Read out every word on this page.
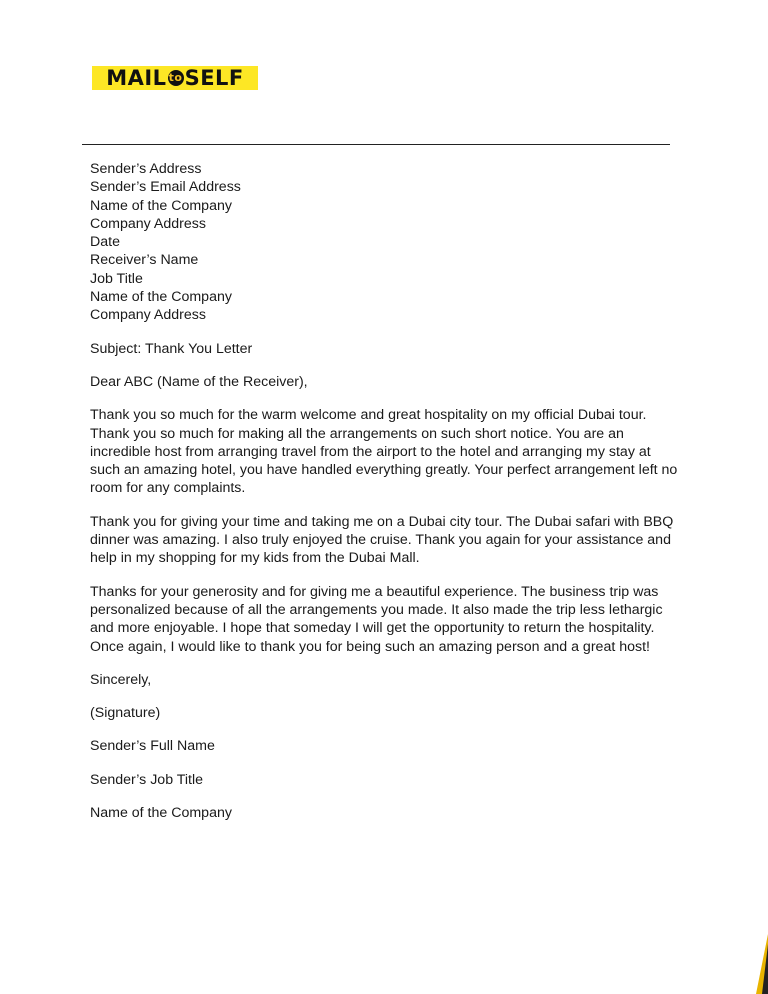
MAIL to SELF
Sender’s Address
Sender’s Email Address
Name of the Company
Company Address
Date
Receiver’s Name
Job Title
Name of the Company
Company Address

Subject: Thank You Letter

Dear ABC (Name of the Receiver),

Thank you so much for the warm welcome and great hospitality on my official Dubai tour. Thank you so much for making all the arrangements on such short notice. You are an incredible host from arranging travel from the airport to the hotel and arranging my stay at such an amazing hotel, you have handled everything greatly. Your perfect arrangement left no room for any complaints.

Thank you for giving your time and taking me on a Dubai city tour. The Dubai safari with BBQ dinner was amazing. I also truly enjoyed the cruise. Thank you again for your assistance and help in my shopping for my kids from the Dubai Mall.

Thanks for your generosity and for giving me a beautiful experience. The business trip was personalized because of all the arrangements you made. It also made the trip less lethargic and more enjoyable. I hope that someday I will get the opportunity to return the hospitality. Once again, I would like to thank you for being such an amazing person and a great host!

Sincerely,

(Signature)

Sender’s Full Name

Sender’s Job Title

Name of the Company
